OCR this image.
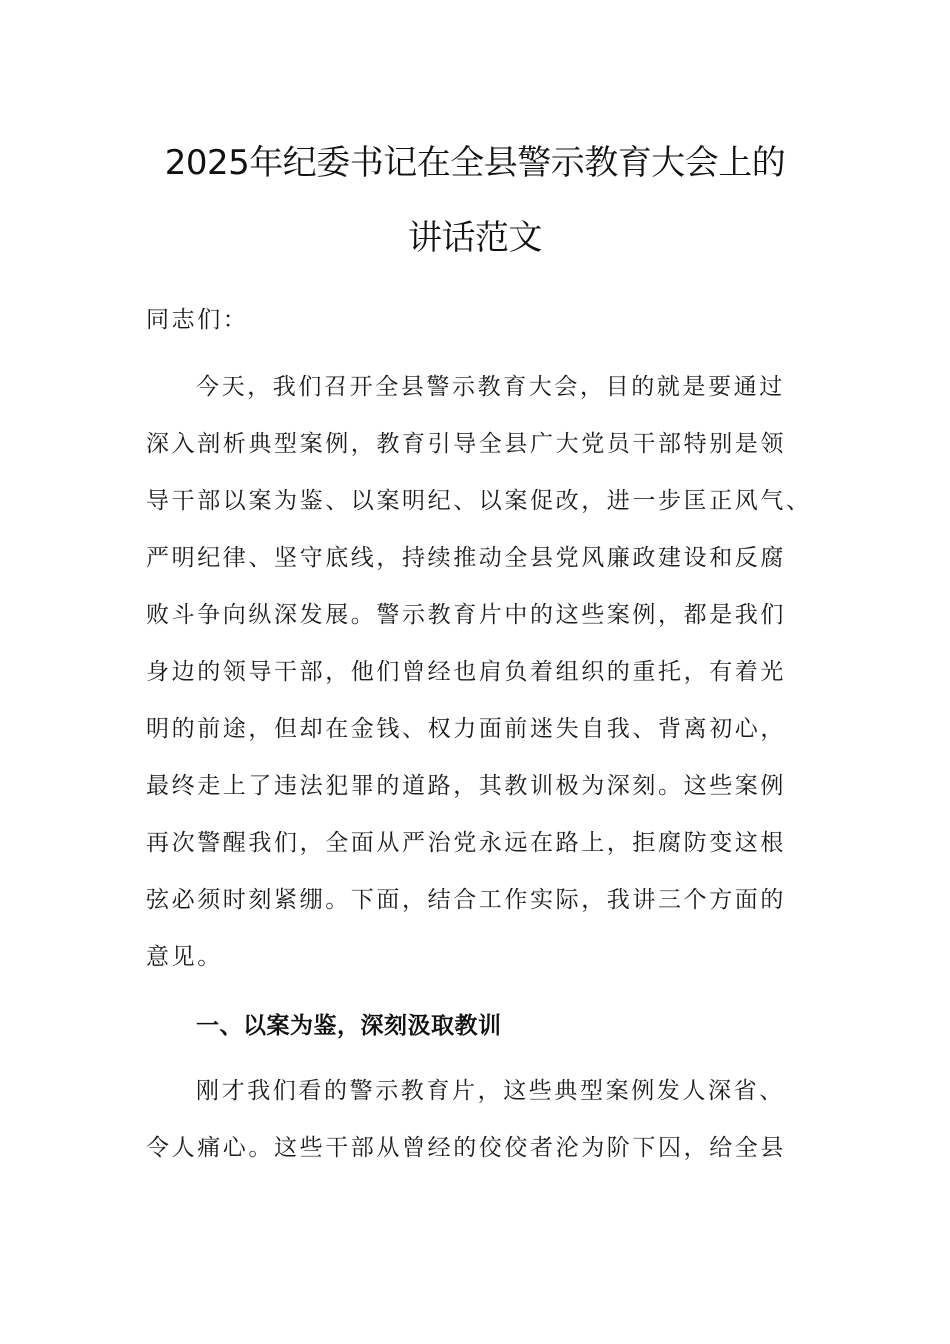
2025年纪委书记在全县警示教育大会上的
讲话范文

同志们：

今天，我们召开全县警示教育大会，目的就是要通过

深入剖析典型案例，教育引导全县广大党员干部特别是领

导干部以案为鉴、以案明纪、以案促改，进一步匡正风气、

严明纪律、坚守底线，持续推动全县党风廉政建设和反腐

败斗争向纵深发展。警示教育片中的这些案例，都是我们

身边的领导干部，他们曾经也肩负着组织的重托，有着光

明的前途，但却在金钱、权力面前迷失自我、背离初心，

最终走上了违法犯罪的道路，其教训极为深刻。这些案例

再次警醒我们，全面从严治党永远在路上，拒腐防变这根

弦必须时刻紧绷。下面，结合工作实际，我讲三个方面的

意见。

一、以案为鉴，深刻汲取教训

刚才我们看的警示教育片，这些典型案例发人深省、

令人痛心。这些干部从曾经的佼佼者沦为阶下囚，给全县
